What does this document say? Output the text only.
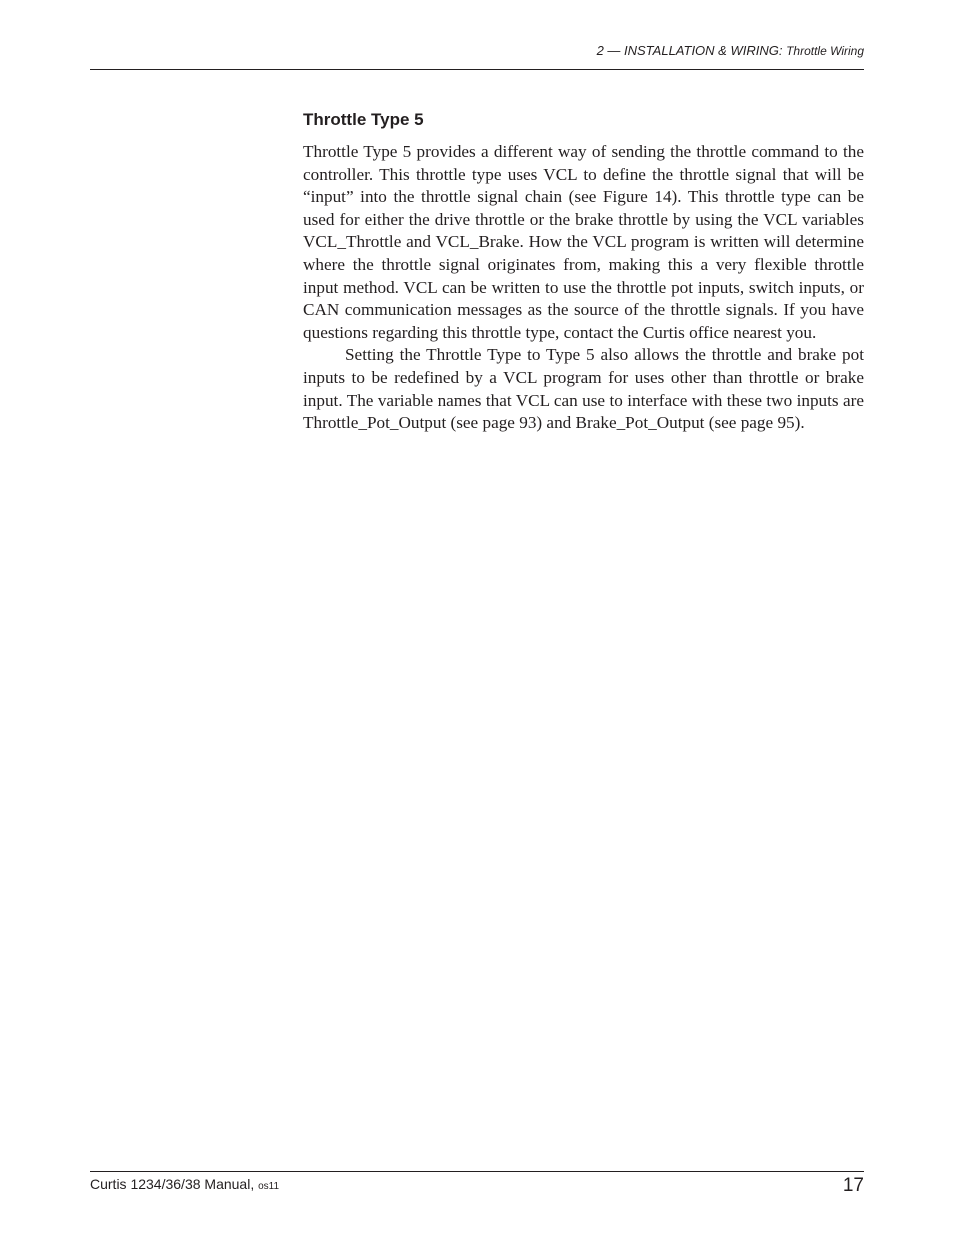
2 — INSTALLATION & WIRING: Throttle Wiring
Throttle Type 5

Throttle Type 5 provides a different way of sending the throttle command to the controller. This throttle type uses VCL to define the throttle signal that will be “input” into the throttle signal chain (see Figure 14). This throttle type can be used for either the drive throttle or the brake throttle by using the VCL variables VCL_Throttle and VCL_Brake. How the VCL program is written will determine where the throttle signal originates from, making this a very flexible throttle input method. VCL can be written to use the throttle pot inputs, switch inputs, or CAN communication messages as the source of the throttle signals. If you have questions regarding this throttle type, contact the Curtis office nearest you.

Setting the Throttle Type to Type 5 also allows the throttle and brake pot inputs to be redefined by a VCL program for uses other than throttle or brake input. The variable names that VCL can use to interface with these two inputs are Throttle_Pot_Output (see page 93) and Brake_Pot_Output (see page 95).

Curtis 1234/36/38 Manual, os11	17
